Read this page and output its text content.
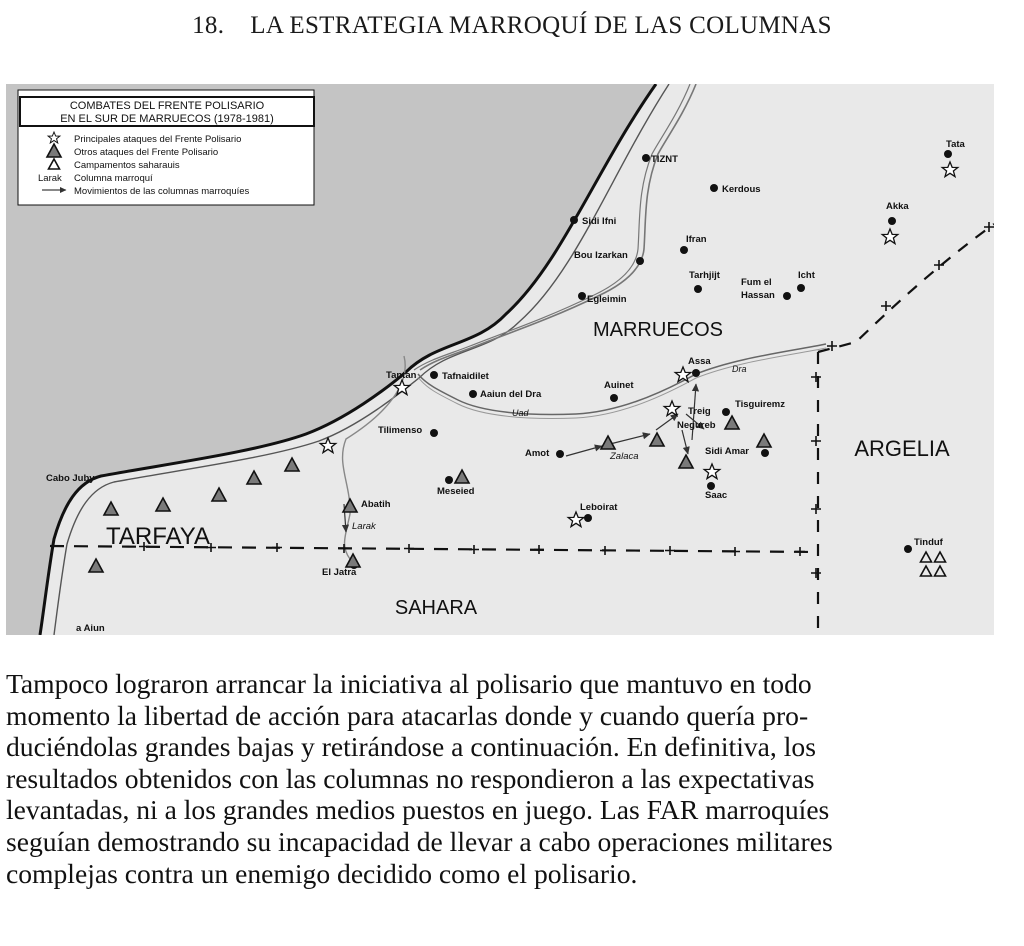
18. LA ESTRATEGIA MARROQUÍ DE LAS COLUMNAS
COMBATES DEL FRENTE POLISARIO
EN EL SUR DE MARRUECOS (1978-1981)
Principales ataques del Frente Polisario
Otros ataques del Frente Polisario
Campamentos saharauis
Larak Columna marroquí
Movimientos de las columnas marroquíes
MARRUECOS
ARGELIA
SAHARA
TARFAYA
Dra
Uad
TIZNT
Kerdous
Tata
Akka
Sidi Ifni
Ifran
Bou Izarkan
Tarhjijt
Fum el
Hassan
Icht
Egleimin
Assa
Tantan	Tafnaidilet
Aaiun del Dra
Auinet
Treig
Tisguiremz
Negureb
Tilimenso
Amot	Zalaca	Sidi Amar
Saac
Cabo Juby
Meseied
Abatih
Larak
Leboirat
Tinduf
El Jatra
a Aiun
Tampoco lograron arrancar la iniciativa al polisario que mantuvo en todo
momento la libertad de acción para atacarlas donde y cuando quería pro-
duciéndolas grandes bajas y retirándose a continuación. En definitiva, los
resultados obtenidos con las columnas no respondieron a las expectativas
levantadas, ni a los grandes medios puestos en juego. Las FAR marroquíes
seguían demostrando su incapacidad de llevar a cabo operaciones militares
complejas contra un enemigo decidido como el polisario.
